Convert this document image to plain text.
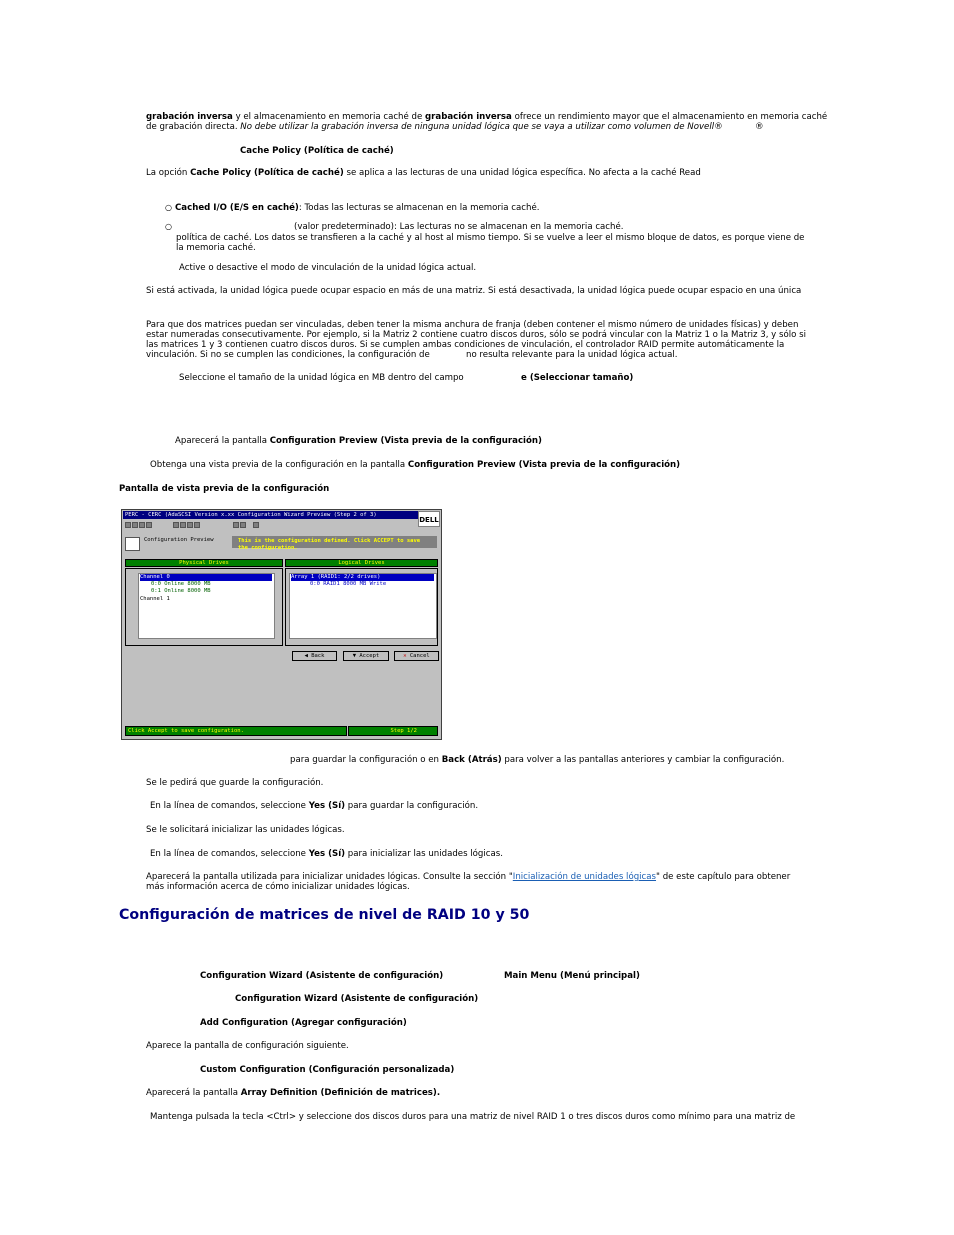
grabación inversa y el almacenamiento en memoria caché de grabación inversa ofrece un rendimiento mayor que el almacenamiento en memoria caché
de grabación directa. No debe utilizar la grabación inversa de ninguna unidad lógica que se vaya a utilizar como volumen de Novell®	®
Cache Policy (Política de caché)
La opción Cache Policy (Política de caché) se aplica a las lecturas de una unidad lógica específica. No afecta a la caché Read
○ Cached I/O (E/S en caché): Todas las lecturas se almacenan en la memoria caché.
○	(valor predeterminado): Las lecturas no se almacenan en la memoria caché.
política de caché. Los datos se transfieren a la caché y al host al mismo tiempo. Si se vuelve a leer el mismo bloque de datos, es porque viene de
la memoria caché.
Active o desactive el modo de vinculación de la unidad lógica actual.
Si está activada, la unidad lógica puede ocupar espacio en más de una matriz. Si está desactivada, la unidad lógica puede ocupar espacio en una única
Para que dos matrices puedan ser vinculadas, deben tener la misma anchura de franja (deben contener el mismo número de unidades físicas) y deben
estar numeradas consecutivamente. Por ejemplo, si la Matriz 2 contiene cuatro discos duros, sólo se podrá vincular con la Matriz 1 o la Matriz 3, y sólo si
las matrices 1 y 3 contienen cuatro discos duros. Si se cumplen ambas condiciones de vinculación, el controlador RAID permite automáticamente la
vinculación. Si no se cumplen las condiciones, la configuración de	no resulta relevante para la unidad lógica actual.
Seleccione el tamaño de la unidad lógica en MB dentro del campo	e (Seleccionar tamaño)
Aparecerá la pantalla Configuration Preview (Vista previa de la configuración)
Obtenga una vista previa de la configuración en la pantalla Configuration Preview (Vista previa de la configuración)
Pantalla de vista previa de la configuración
PERC - CERC (AdaSCSI Version x.xx Configuration Wizard Preview (Step 2 of 3)
DELL
Configuration Preview	This is the configuration defined. Click ACCEPT to save
the configuration.
Physical Drives	Logical Drives
Channel 0
0:0 Online 8000 MB
0:1 Online 8000 MB
Channel 1
Array 1 (RAID1: 2/2 drives)
0:0 RAID1 8000 MB Write
◀ Back	▼ Accept	✕ Cancel
Click Accept to save configuration.	Step 1/2
para guardar la configuración o en Back (Atrás) para volver a las pantallas anteriores y cambiar la configuración.
Se le pedirá que guarde la configuración.
En la línea de comandos, seleccione Yes (Sí) para guardar la configuración.
Se le solicitará inicializar las unidades lógicas.
En la línea de comandos, seleccione Yes (Sí) para inicializar las unidades lógicas.
Aparecerá la pantalla utilizada para inicializar unidades lógicas. Consulte la sección "Inicialización de unidades lógicas" de este capítulo para obtener
más información acerca de cómo inicializar unidades lógicas.
Configuración de matrices de nivel de RAID 10 y 50
Configuration Wizard (Asistente de configuración)	Main Menu (Menú principal)
Configuration Wizard (Asistente de configuración)
Add Configuration (Agregar configuración)
Aparece la pantalla de configuración siguiente.
Custom Configuration (Configuración personalizada)
Aparecerá la pantalla Array Definition (Definición de matrices).
Mantenga pulsada la tecla <Ctrl> y seleccione dos discos duros para una matriz de nivel RAID 1 o tres discos duros como mínimo para una matriz de
